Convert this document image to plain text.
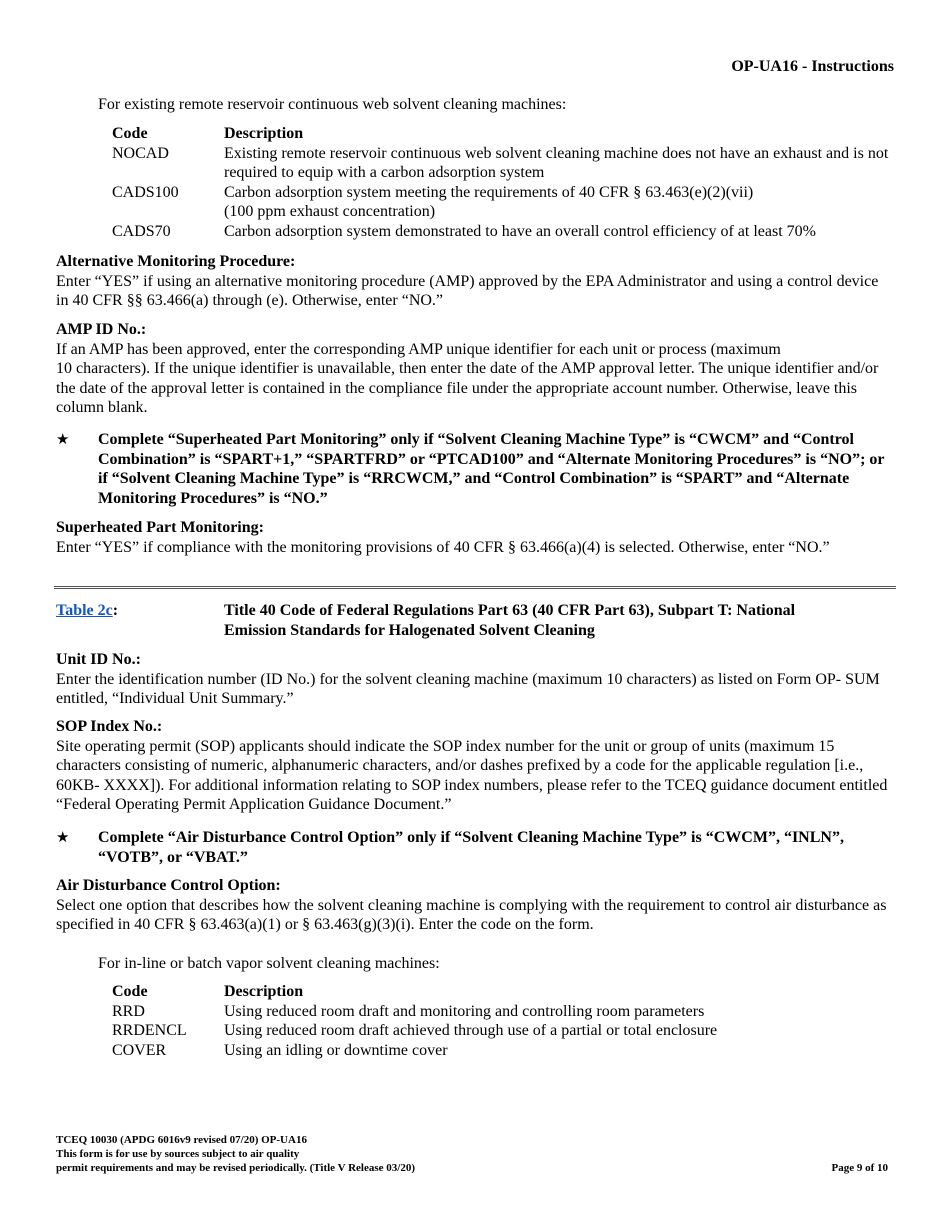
OP-UA16 - Instructions
For existing remote reservoir continuous web solvent cleaning machines:
Code	Description
NOCAD	Existing remote reservoir continuous web solvent cleaning machine does not have an exhaust and is not required to equip with a carbon adsorption system
CADS100	Carbon adsorption system meeting the requirements of 40 CFR § 63.463(e)(2)(vii)
(100 ppm exhaust concentration)

CADS70	Carbon adsorption system demonstrated to have an overall control efficiency of at least 70%
Alternative Monitoring Procedure:
Enter “YES” if using an alternative monitoring procedure (AMP) approved by the EPA Administrator and using a control device in 40 CFR §§ 63.466(a) through (e). Otherwise, enter “NO.”
AMP ID No.:
If an AMP has been approved, enter the corresponding AMP unique identifier for each unit or process (maximum
10 characters). If the unique identifier is unavailable, then enter the date of the AMP approval letter. The unique identifier and/or the date of the approval letter is contained in the compliance file under the appropriate account number. Otherwise, leave this column blank.
★ Complete “Superheated Part Monitoring” only if “Solvent Cleaning Machine Type” is “CWCM” and “Control Combination” is “SPART+1,” “SPARTFRD” or “PTCAD100” and “Alternate Monitoring Procedures” is “NO”; or if “Solvent Cleaning Machine Type” is “RRCWCM,” and “Control Combination” is “SPART” and “Alternate Monitoring Procedures” is “NO.”
Superheated Part Monitoring:
Enter “YES” if compliance with the monitoring provisions of 40 CFR § 63.466(a)(4) is selected. Otherwise, enter “NO.”
Table 2c:	Title 40 Code of Federal Regulations Part 63 (40 CFR Part 63), Subpart T: National Emission Standards for Halogenated Solvent Cleaning
Unit ID No.:
Enter the identification number (ID No.) for the solvent cleaning machine (maximum 10 characters) as listed on Form OP- SUM entitled, “Individual Unit Summary.”
SOP Index No.:
Site operating permit (SOP) applicants should indicate the SOP index number for the unit or group of units (maximum 15 characters consisting of numeric, alphanumeric characters, and/or dashes prefixed by a code for the applicable regulation [i.e., 60KB- XXXX]). For additional information relating to SOP index numbers, please refer to the TCEQ guidance document entitled “Federal Operating Permit Application Guidance Document.”
★ Complete “Air Disturbance Control Option” only if “Solvent Cleaning Machine Type” is “CWCM”, “INLN”, “VOTB”, or “VBAT.”
Air Disturbance Control Option:
Select one option that describes how the solvent cleaning machine is complying with the requirement to control air disturbance as specified in 40 CFR § 63.463(a)(1) or § 63.463(g)(3)(i). Enter the code on the form.
For in-line or batch vapor solvent cleaning machines:
Code	Description
RRD	Using reduced room draft and monitoring and controlling room parameters
RRDENCL	Using reduced room draft achieved through use of a partial or total enclosure
COVER	Using an idling or downtime cover
TCEQ 10030 (APDG 6016v9 revised 07/20) OP-UA16
This form is for use by sources subject to air quality
permit requirements and may be revised periodically. (Title V Release 03/20)	Page 9 of 10
